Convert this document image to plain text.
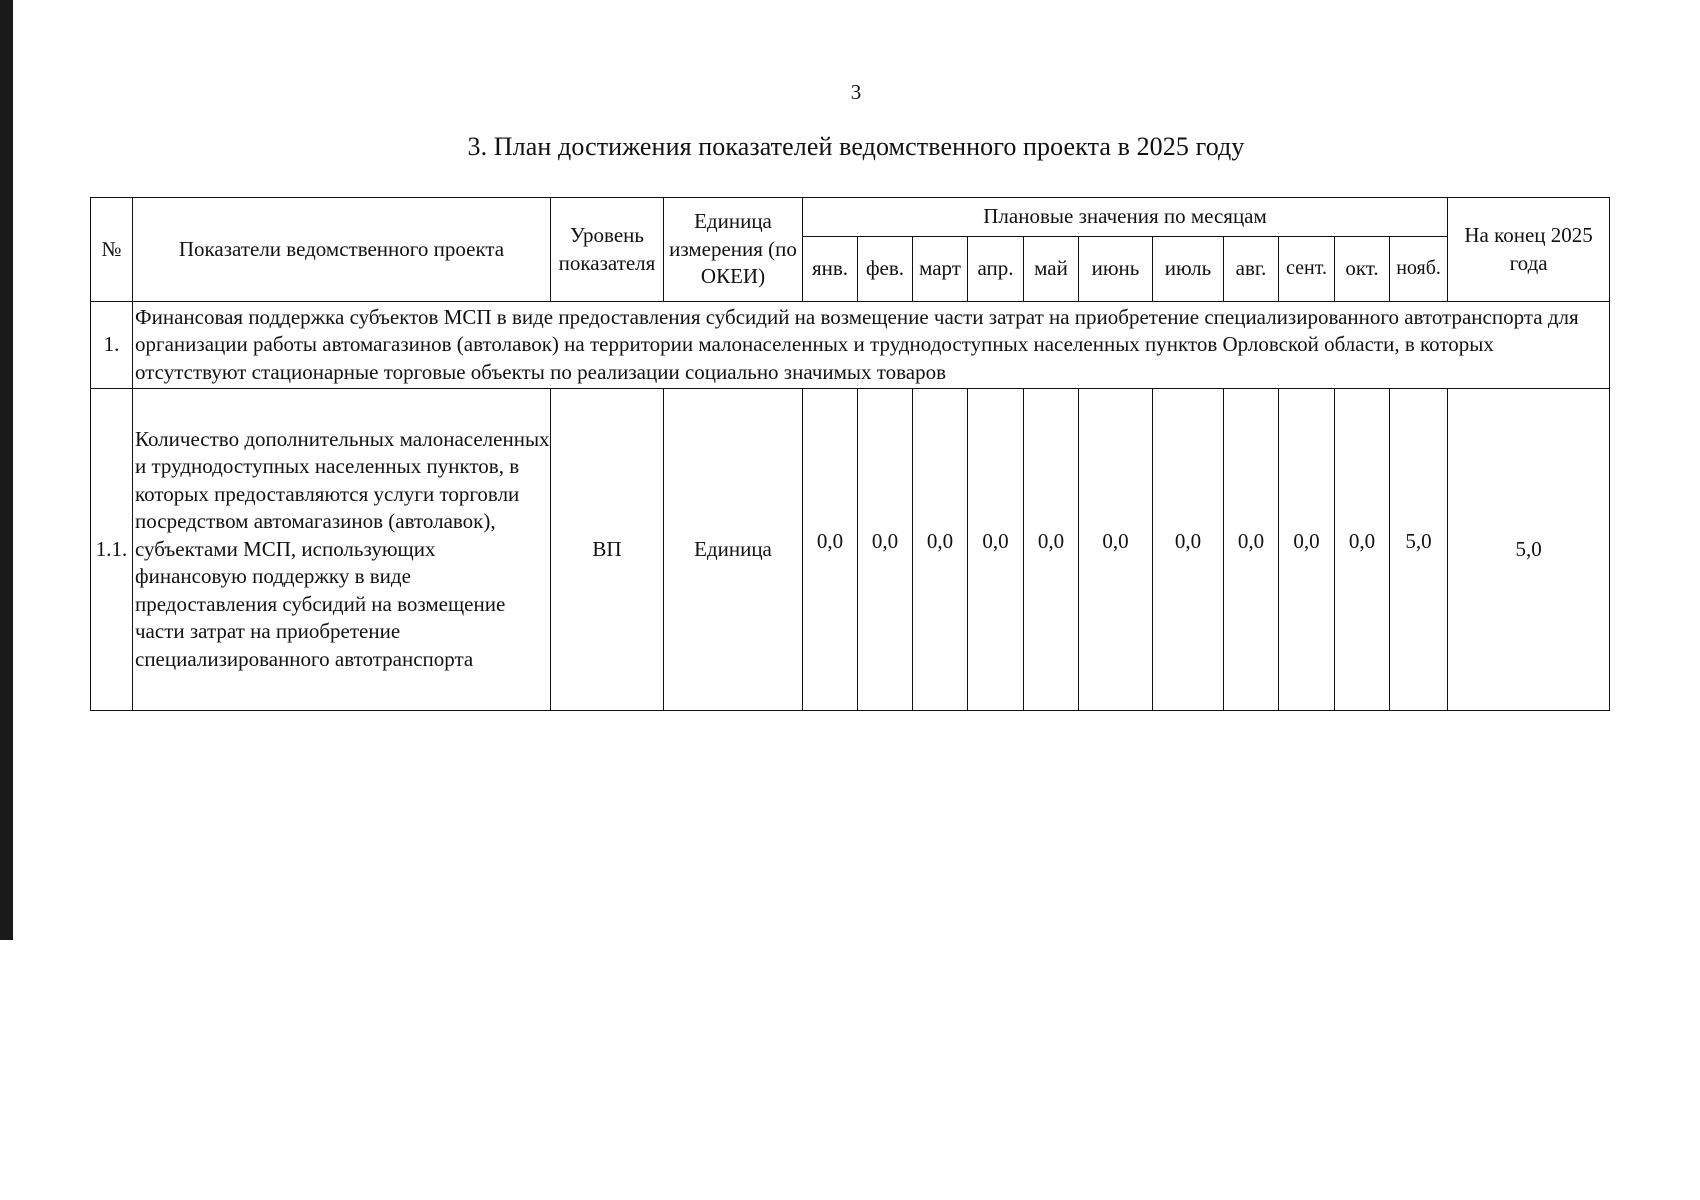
3
3. План достижения показателей ведомственного проекта в 2025 году
№	Показатели ведомственного проекта	Уровень показателя	Единица измерения (по ОКЕИ)	Плановые значения по месяцам											На конец 2025 года
				янв.	фев.	март	апр.	май	июнь	июль	авг.	сент.	окт.	нояб.	
1.	Финансовая поддержка субъектов МСП в виде предоставления субсидий на возмещение части затрат на приобретение специализированного автотранспорта для организации работы автомагазинов (автолавок) на территории малонаселенных и труднодоступных населенных пунктов Орловской области, в которых отсутствуют стационарные торговые объекты по реализации социально значимых товаров														
1.1.	Количество дополнительных малонаселенных и труднодоступных населенных пунктов, в которых предоставляются услуги торговли посредством автомагазинов (автолавок), субъектами МСП, использующих финансовую поддержку в виде предоставления субсидий на возмещение части затрат на приобретение специализированного автотранспорта	ВП	Единица	0,0	0,0	0,0	0,0	0,0	0,0	0,0	0,0	0,0	0,0	5,0	5,0
